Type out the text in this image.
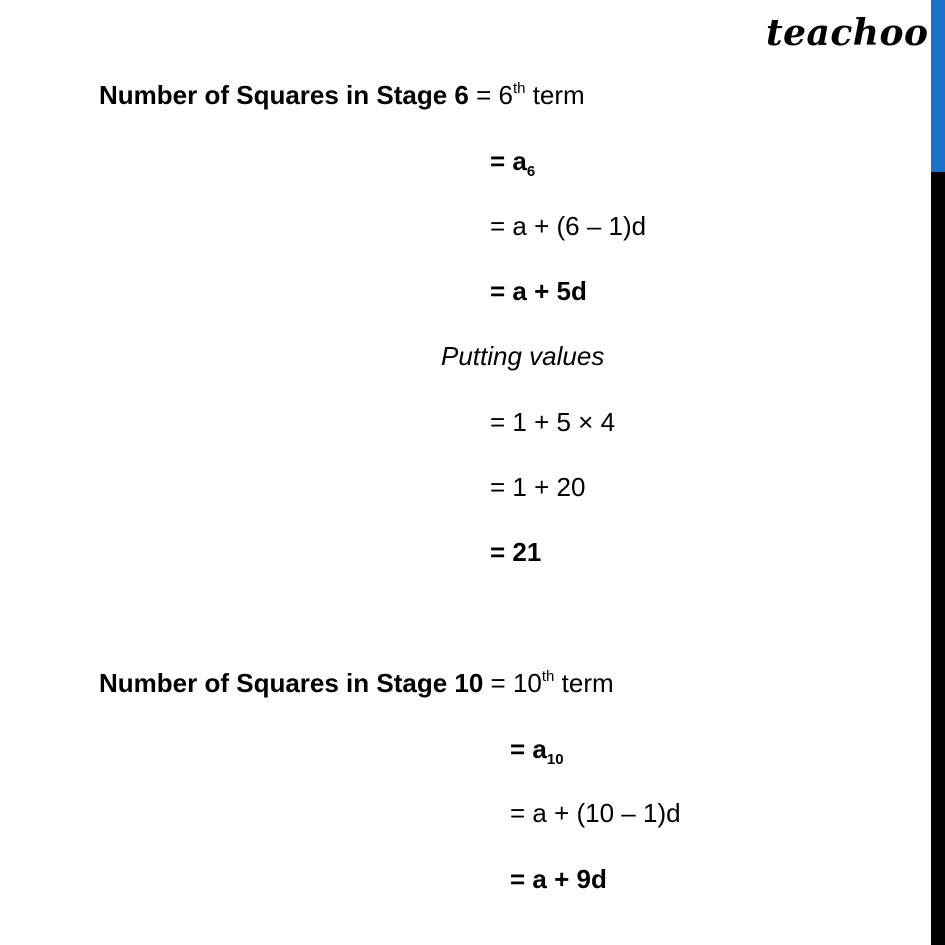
teachoo
Number of Squares in Stage 6 = 6th term
= $a_6$
= a + (6 – 1)d
= a + 5d
Putting values
= 1 + 5 × 4
= 1 + 20
= 21
Number of Squares in Stage 10 = 10th term
= $a_{10}$
= a + (10 – 1)d
= a + 9d
